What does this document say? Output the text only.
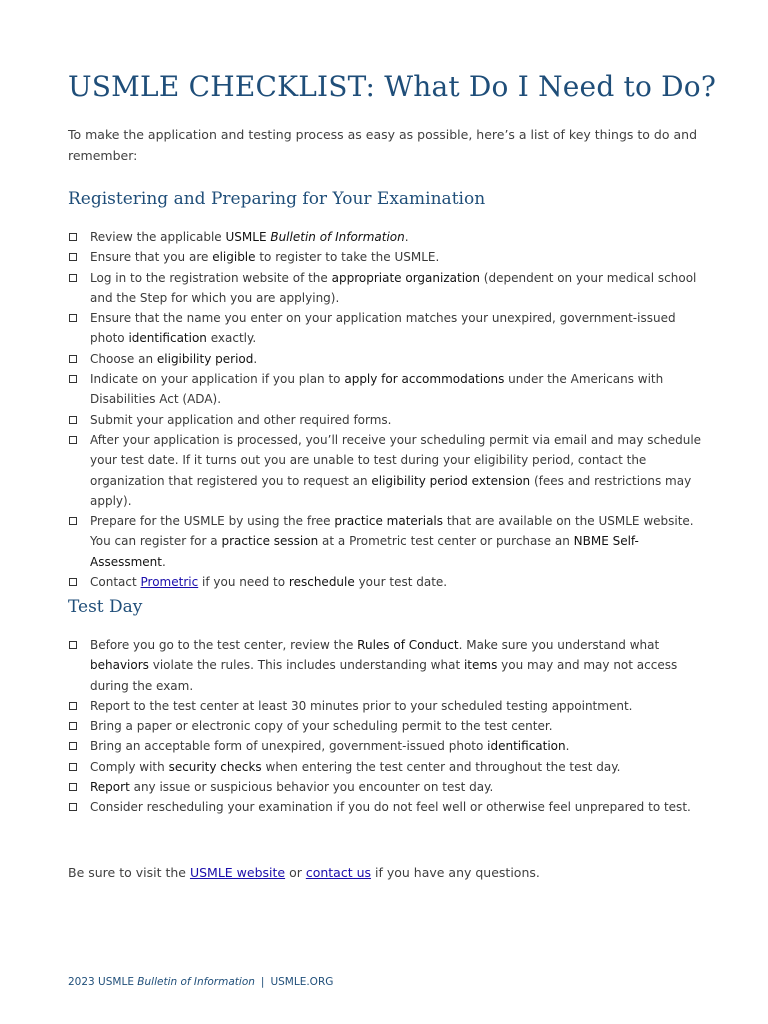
USMLE CHECKLIST: What Do I Need to Do?

To make the application and testing process as easy as possible, here’s a list of key things to do and remember:

Registering and Preparing for Your Examination
Review the applicable USMLE Bulletin of Information.
Ensure that you are eligible to register to take the USMLE.
Log in to the registration website of the appropriate organization (dependent on your medical school and the Step for which you are applying).
Ensure that the name you enter on your application matches your unexpired, government-issued photo identification exactly.
Choose an eligibility period.
Indicate on your application if you plan to apply for accommodations under the Americans with Disabilities Act (ADA).
Submit your application and other required forms.
After your application is processed, you’ll receive your scheduling permit via email and may schedule your test date. If it turns out you are unable to test during your eligibility period, contact the organization that registered you to request an eligibility period extension (fees and restrictions may apply).
Prepare for the USMLE by using the free practice materials that are available on the USMLE website. You can register for a practice session at a Prometric test center or purchase an NBME Self-Assessment.
Contact Prometric if you need to reschedule your test date.
Test Day
Before you go to the test center, review the Rules of Conduct. Make sure you understand what behaviors violate the rules. This includes understanding what items you may and may not access during the exam.
Report to the test center at least 30 minutes prior to your scheduled testing appointment.
Bring a paper or electronic copy of your scheduling permit to the test center.
Bring an acceptable form of unexpired, government-issued photo identification.
Comply with security checks when entering the test center and throughout the test day.
Report any issue or suspicious behavior you encounter on test day.
Consider rescheduling your examination if you do not feel well or otherwise feel unprepared to test.

Be sure to visit the USMLE website or contact us if you have any questions.

2023 USMLE Bulletin of Information | USMLE.ORG
